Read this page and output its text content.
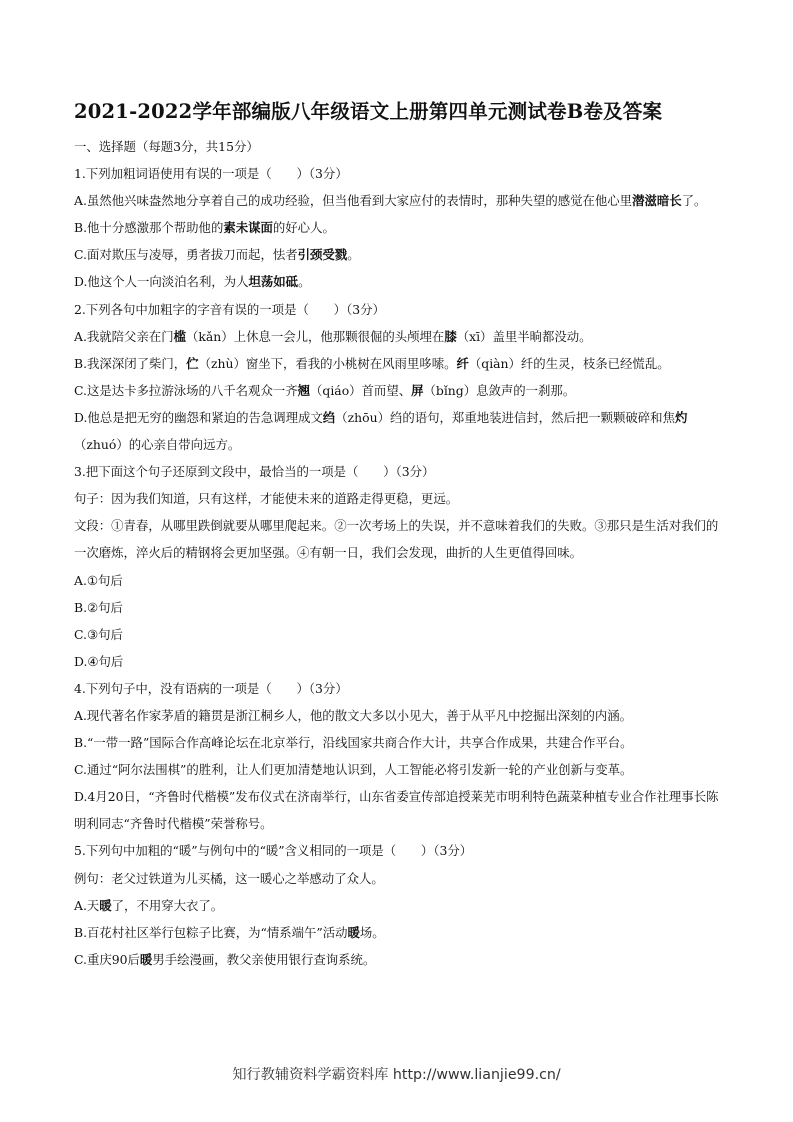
2021-2022学年部编版八年级语文上册第四单元测试卷B卷及答案
一、选择题（每题3分，共15分）
1.下列加粗词语使用有误的一项是（　　）（3分）
A.虽然他兴味盎然地分享着自己的成功经验，但当他看到大家应付的表情时，那种失望的感觉在他心里潜滋暗长了。
B.他十分感激那个帮助他的素未谋面的好心人。
C.面对欺压与凌辱，勇者拔刀而起，怯者引颈受戮。
D.他这个人一向淡泊名利，为人坦荡如砥。
2.下列各句中加粗字的字音有误的一项是（　　）（3分）
A.我就陪父亲在门槛（kǎn）上休息一会儿，他那颗很倔的头颅埋在膝（xī）盖里半晌都没动。
B.我深深闭了柴门，伫（zhù）窗坐下，看我的小桃树在风雨里哆嗦。纤（qiàn）纤的生灵，枝条已经慌乱。
C.这是达卡多拉游泳场的八千名观众一齐翘（qiáo）首而望、屏（bǐng）息敛声的一刹那。
D.他总是把无穷的幽怨和紧迫的告急调理成文绉（zhōu）绉的语句，郑重地装进信封，然后把一颗颗破碎和焦灼（zhuó）的心亲自带向远方。
3.把下面这个句子还原到文段中，最恰当的一项是（　　）（3分）
句子：因为我们知道，只有这样，才能使未来的道路走得更稳，更远。
文段：①青春，从哪里跌倒就要从哪里爬起来。②一次考场上的失误，并不意味着我们的失败。③那只是生活对我们的一次磨炼，淬火后的精钢将会更加坚强。④有朝一日，我们会发现，曲折的人生更值得回味。
A.①句后
B.②句后
C.③句后
D.④句后
4.下列句子中，没有语病的一项是（　　）（3分）
A.现代著名作家茅盾的籍贯是浙江桐乡人，他的散文大多以小见大，善于从平凡中挖掘出深刻的内涵。
B.“一带一路”国际合作高峰论坛在北京举行，沿线国家共商合作大计，共享合作成果，共建合作平台。
C.通过“阿尔法围棋”的胜利，让人们更加清楚地认识到，人工智能必将引发新一轮的产业创新与变革。
D.4月20日，“齐鲁时代楷模”发布仪式在济南举行，山东省委宣传部追授莱芜市明利特色蔬菜种植专业合作社理事长陈明利同志“齐鲁时代楷模”荣誉称号。
5.下列句中加粗的“暖”与例句中的“暖”含义相同的一项是（　　）（3分）
例句：老父过铁道为儿买橘，这一暖心之举感动了众人。
A.天暖了，不用穿大衣了。
B.百花村社区举行包粽子比赛，为“情系端午”活动暖场。
C.重庆90后暖男手绘漫画，教父亲使用银行查询系统。
知行教辅资料学霸资料库 http://www.lianjie99.cn/
